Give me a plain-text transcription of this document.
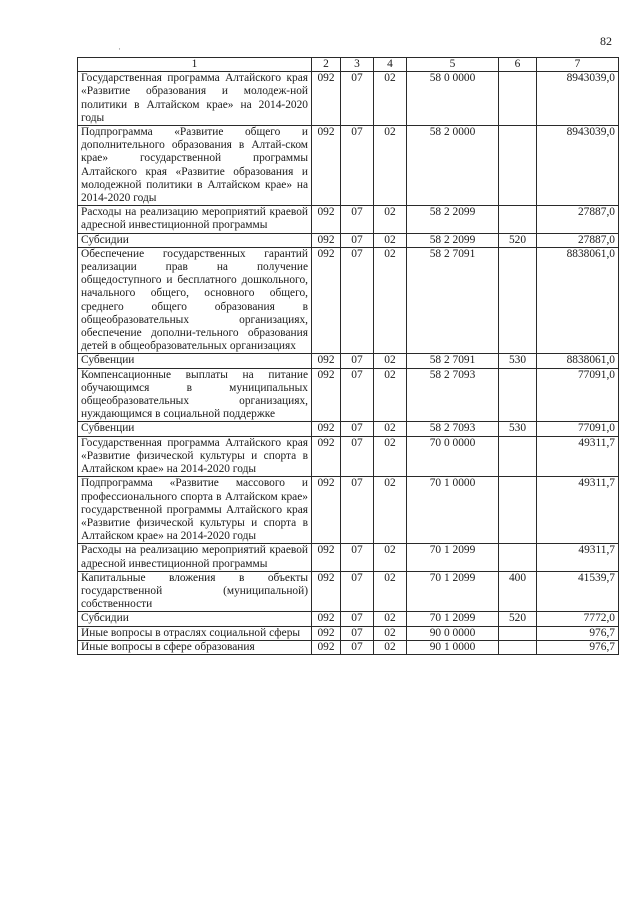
82
·
1	2	3	4	5	6	7
Государственная программа Алтайского края «Развитие образования и молодеж-ной политики в Алтайском крае» на 2014-2020 годы	092	07	02	58 0 0000		8943039,0
Подпрограмма «Развитие общего и дополнительного образования в Алтай-ском крае» государственной программы Алтайского края «Развитие образования и молодежной политики в Алтайском крае» на 2014-2020 годы	092	07	02	58 2 0000		8943039,0
Расходы на реализацию мероприятий краевой адресной инвестиционной программы	092	07	02	58 2 2099		27887,0
Субсидии	092	07	02	58 2 2099	520	27887,0
Обеспечение государственных гарантий реализации прав на получение общедоступного и бесплатного дошкольного, начального общего, основного общего, среднего общего образования в общеобразовательных организациях, обеспечение дополни-тельного образования детей в общеобразовательных организациях	092	07	02	58 2 7091		8838061,0
Субвенции	092	07	02	58 2 7091	530	8838061,0
Компенсационные выплаты на питание обучающимся в муниципальных общеобразовательных организациях, нуждающимся в социальной поддержке	092	07	02	58 2 7093		77091,0
Субвенции	092	07	02	58 2 7093	530	77091,0
Государственная программа Алтайского края «Развитие физической культуры и спорта в Алтайском крае» на 2014-2020 годы	092	07	02	70 0 0000		49311,7
Подпрограмма «Развитие массового и профессионального спорта в Алтайском крае» государственной программы Алтайского края «Развитие физической культуры и спорта в Алтайском крае» на 2014-2020 годы	092	07	02	70 1 0000		49311,7
Расходы на реализацию мероприятий краевой адресной инвестиционной программы	092	07	02	70 1 2099		49311,7
Капитальные вложения в объекты государственной (муниципальной) собственности	092	07	02	70 1 2099	400	41539,7
Субсидии	092	07	02	70 1 2099	520	7772,0
Иные вопросы в отраслях социальной сферы	092	07	02	90 0 0000		976,7
Иные вопросы в сфере образования	092	07	02	90 1 0000		976,7
